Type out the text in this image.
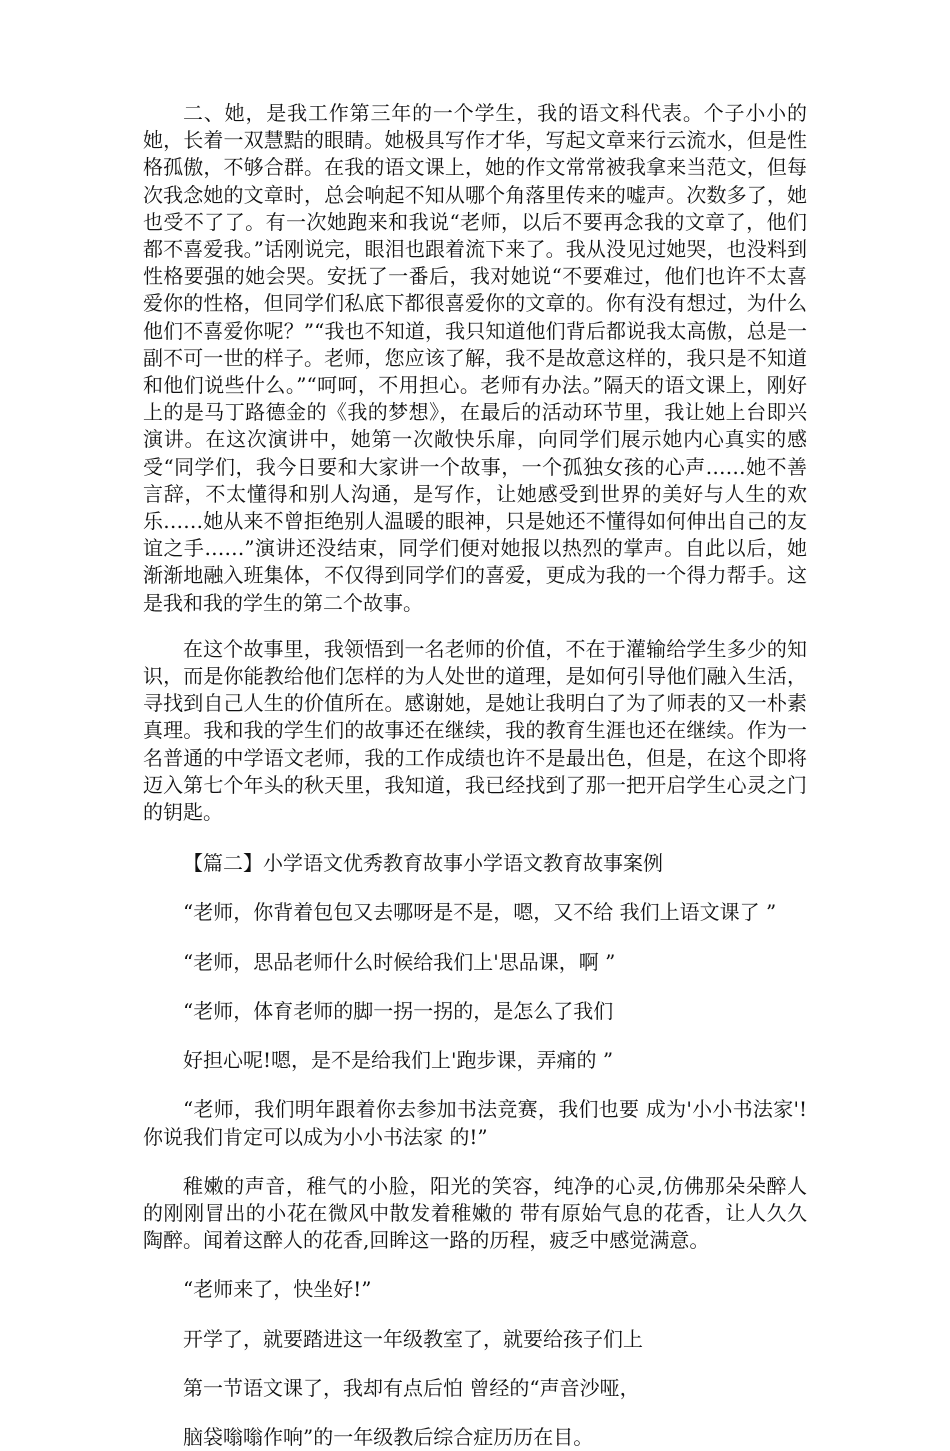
二、她，是我工作第三年的一个学生，我的语文科代表。个子小小的她，长着一双慧黠的眼睛。她极具写作才华，写起文章来行云流水，但是性格孤傲，不够合群。在我的语文课上，她的作文常常被我拿来当范文，但每次我念她的文章时，总会响起不知从哪个角落里传来的嘘声。次数多了，她也受不了了。有一次她跑来和我说“老师，以后不要再念我的文章了，他们都不喜爱我。”话刚说完，眼泪也跟着流下来了。我从没见过她哭，也没料到性格要强的她会哭。安抚了一番后，我对她说“不要难过，他们也许不太喜爱你的性格，但同学们私底下都很喜爱你的文章的。你有没有想过，为什么他们不喜爱你呢？”“我也不知道，我只知道他们背后都说我太高傲，总是一副不可一世的样子。老师，您应该了解，我不是故意这样的，我只是不知道和他们说些什么。”“呵呵，不用担心。老师有办法。”隔天的语文课上，刚好上的是马丁路德金的《我的梦想》，在最后的活动环节里，我让她上台即兴演讲。在这次演讲中，她第一次敞快乐扉，向同学们展示她内心真实的感受“同学们，我今日要和大家讲一个故事，一个孤独女孩的心声……她不善言辞，不太懂得和别人沟通，是写作，让她感受到世界的美好与人生的欢乐……她从来不曾拒绝别人温暖的眼神，只是她还不懂得如何伸出自己的友谊之手……”演讲还没结束，同学们便对她报以热烈的掌声。自此以后，她渐渐地融入班集体，不仅得到同学们的喜爱，更成为我的一个得力帮手。这是我和我的学生的第二个故事。

在这个故事里，我领悟到一名老师的价值，不在于灌输给学生多少的知识，而是你能教给他们怎样的为人处世的道理，是如何引导他们融入生活，寻找到自己人生的价值所在。感谢她，是她让我明白了为了师表的又一朴素真理。我和我的学生们的故事还在继续，我的教育生涯也还在继续。作为一名普通的中学语文老师，我的工作成绩也许不是最出色，但是，在这个即将迈入第七个年头的秋天里，我知道，我已经找到了那一把开启学生心灵之门的钥匙。

【篇二】小学语文优秀教育故事小学语文教育故事案例

“老师，你背着包包又去哪呀是不是，嗯，又不给 我们上语文课了 ”

“老师，思品老师什么时候给我们上'思品课，啊 ”

“老师，体育老师的脚一拐一拐的，是怎么了我们

好担心呢!嗯，是不是给我们上'跑步课，弄痛的 ”

“老师，我们明年跟着你去参加书法竞赛，我们也要 成为'小小书法家'!你说我们肯定可以成为小小书法家 的!”

稚嫩的声音，稚气的小脸，阳光的笑容，纯净的心灵,仿佛那朵朵醉人的刚刚冒出的小花在微风中散发着稚嫩的 带有原始气息的花香，让人久久陶醉。闻着这醉人的花香,回眸这一路的历程，疲乏中感觉满意。

“老师来了，快坐好!”

开学了，就要踏进这一年级教室了，就要给孩子们上

第一节语文课了，我却有点后怕 曾经的“声音沙哑，

脑袋嗡嗡作响”的一年级教后综合症历历在目。
